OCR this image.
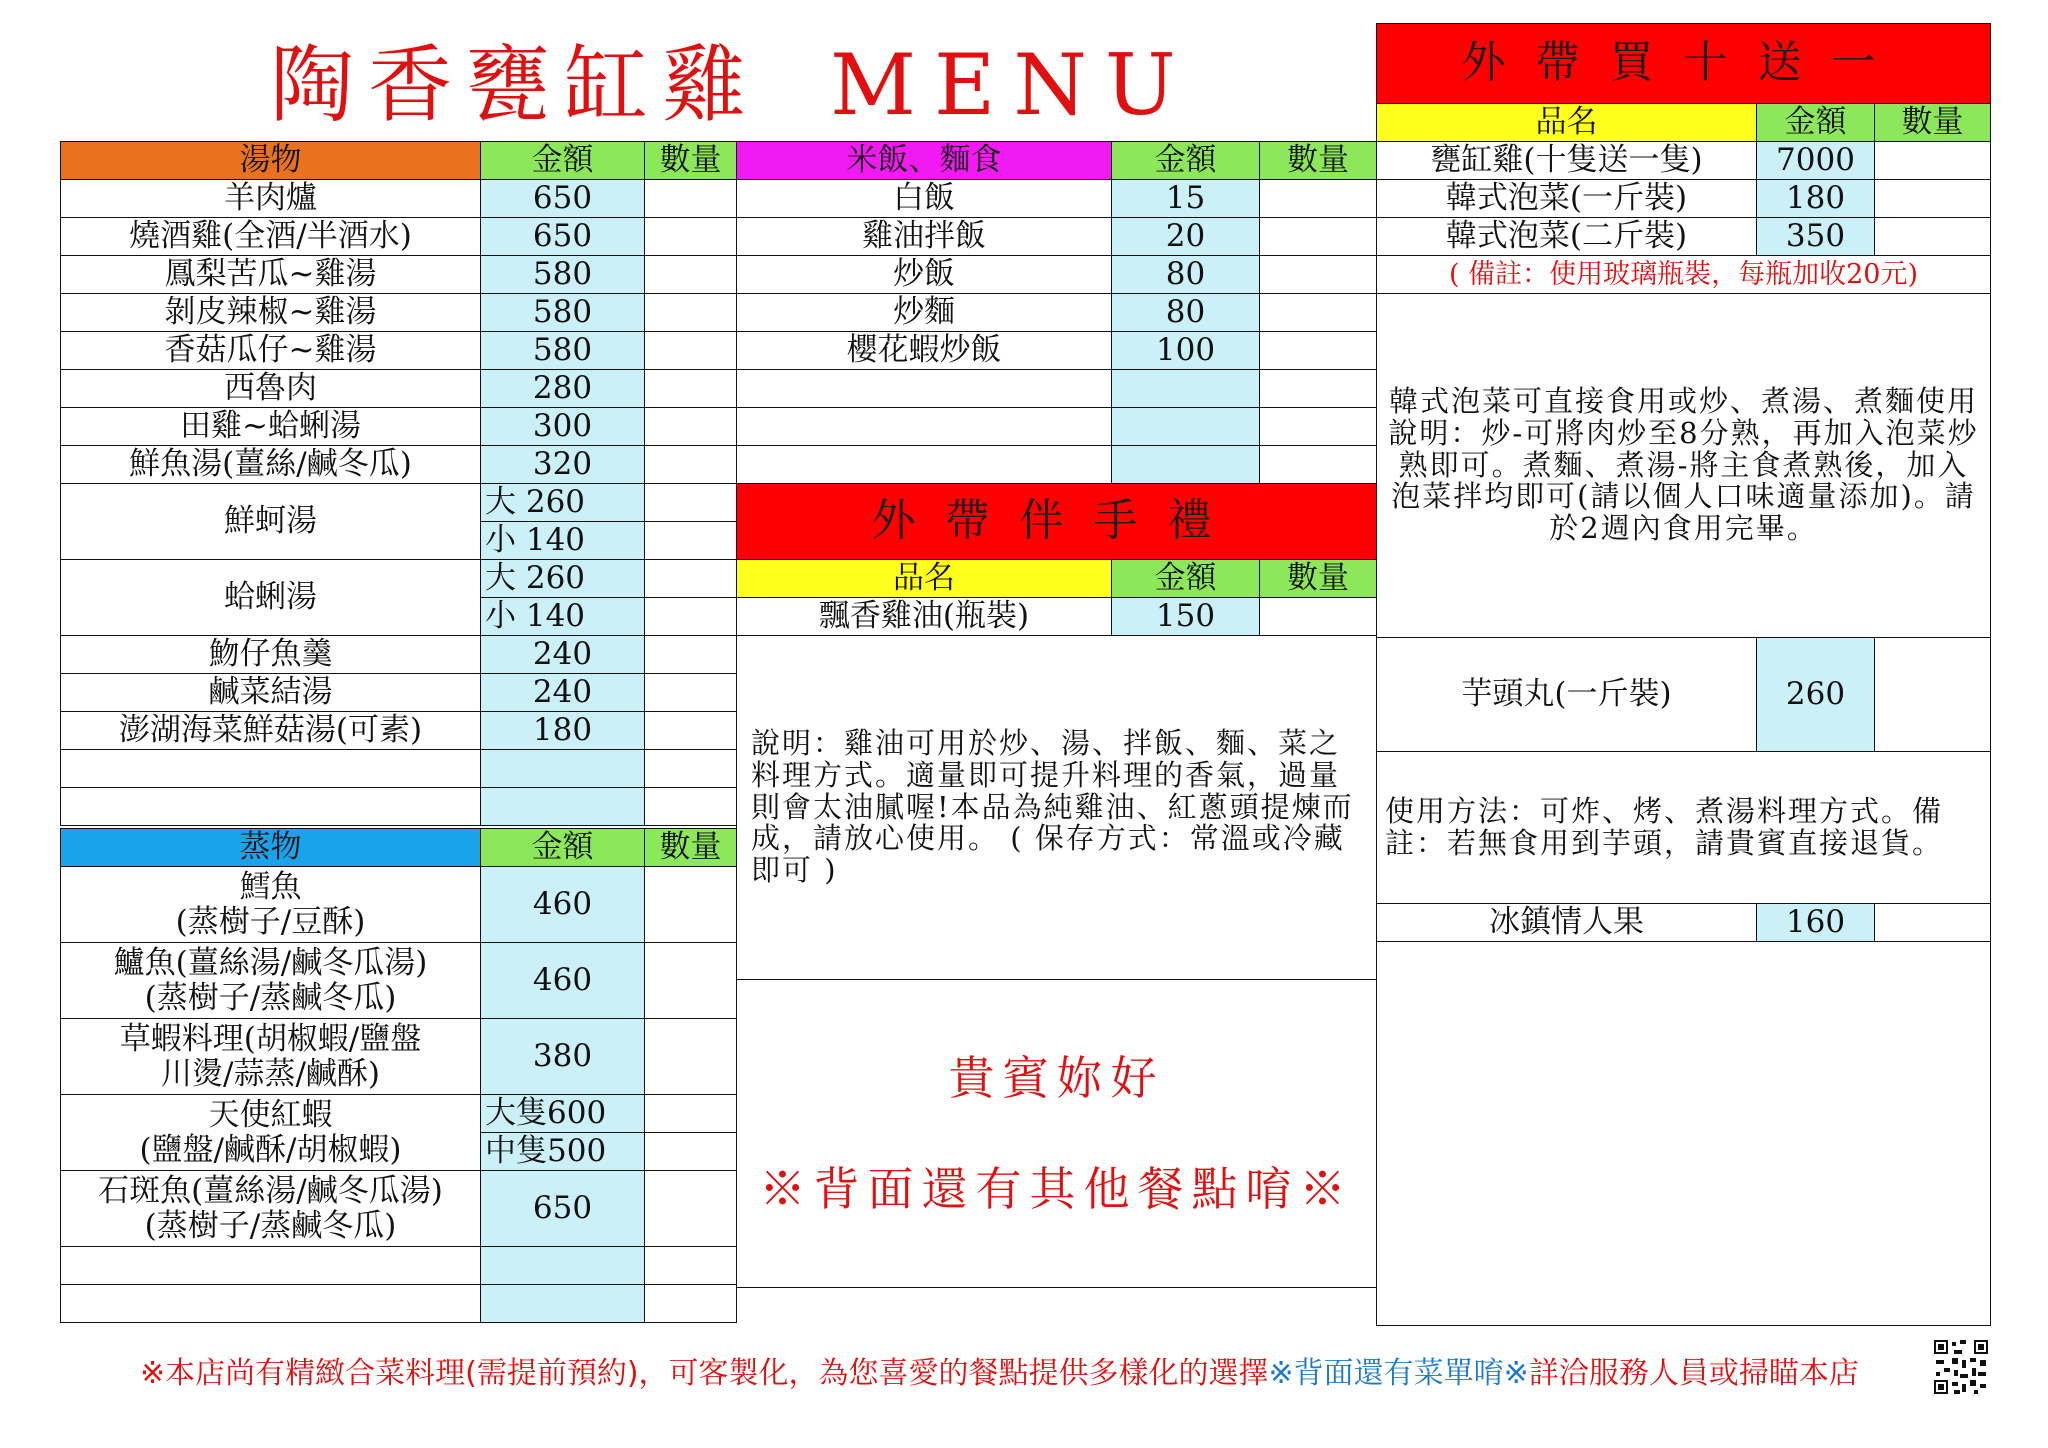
陶香甕缸雞 MENU
湯物	金額	數量
羊肉爐	650	
燒酒雞(全酒/半酒水)	650	
鳳梨苦瓜~雞湯	580	
剝皮辣椒~雞湯	580	
香菇瓜仔~雞湯	580	
西魯肉	280	
田雞~蛤蜊湯	300	
鮮魚湯(薑絲/鹹冬瓜)	320	
鮮蚵湯	大 260	
	小 140	
蛤蜊湯	大 260	
	小 140	
魩仔魚羹	240	
鹹菜結湯	240	
澎湖海菜鮮菇湯(可素)	180	

蒸物	金額	數量

鱈魚
(蒸樹子/豆酥)	460	

鱸魚(薑絲湯/鹹冬瓜湯)
(蒸樹子/蒸鹹冬瓜)	460	

草蝦料理(胡椒蝦/鹽盤
川燙/蒜蒸/鹹酥)	380	

天使紅蝦
(鹽盤/鹹酥/胡椒蝦)	大隻600	
	中隻500	

石斑魚(薑絲湯/鹹冬瓜湯)
(蒸樹子/蒸鹹冬瓜)	650	

米飯、麵食	金額	數量
白飯	15	
雞油拌飯	20	
炒飯	80	
炒麵	80	
櫻花蝦炒飯	100	

外帶伴手禮		
品名	金額	數量
飄香雞油(瓶裝)	150	
說明：雞油可用於炒、湯、拌飯、麵、菜之料理方式。適量即可提升料理的香氣，過量則會太油膩喔!本品為純雞油、紅蔥頭提煉而成，請放心使用。 ( 保存方式：常溫或冷藏即可 )		

貴賓妳好
※背面還有其他餐點唷※		
外帶買十送一		
品名	金額	數量
甕缸雞(十隻送一隻)	7000	
韓式泡菜(一斤裝)	180	
韓式泡菜(二斤裝)	350	
( 備註：使用玻璃瓶裝，每瓶加收20元)		
韓式泡菜可直接食用或炒、煮湯、煮麵使用說明：炒-可將肉炒至8分熟，再加入泡菜炒熟即可。煮麵、煮湯-將主食煮熟後，加入泡菜拌均即可(請以個人口味適量添加)。請於2週內食用完畢。		
芋頭丸(一斤裝)	260	
使用方法：可炸、烤、煮湯料理方式。備註：若無食用到芋頭，請貴賓直接退貨。		
冰鎮情人果	160	

※本店尚有精緻合菜料理(需提前預約)，可客製化，為您喜愛的餐點提供多樣化的選擇※背面還有菜單唷※詳洽服務人員或掃瞄本店
